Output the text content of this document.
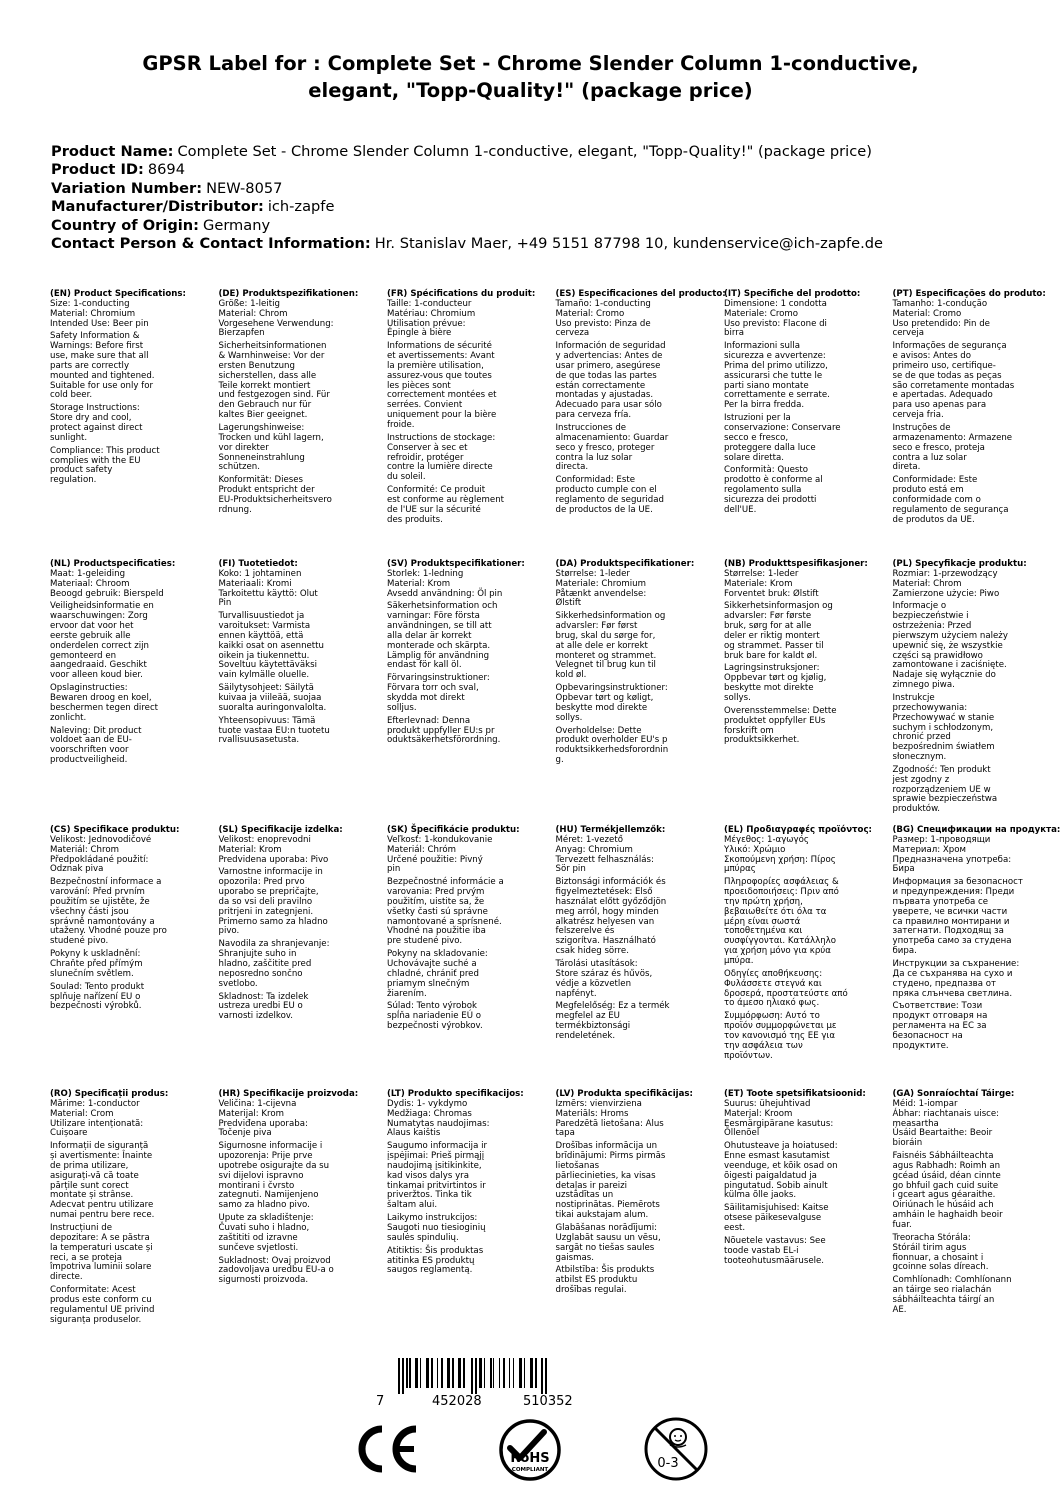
GPSR Label for : Complete Set - Chrome Slender Column 1-conductive,
elegant, "Topp-Quality!" (package price)
Product Name: Complete Set - Chrome Slender Column 1-conductive, elegant, "Topp-Quality!" (package price)
Product ID: 8694
Variation Number: NEW-8057
Manufacturer/Distributor: ich-zapfe
Country of Origin: Germany
Contact Person & Contact Information: Hr. Stanislav Maer, +49 5151 87798 10, kundenservice@ich-zapfe.de
(EN) Product Specifications:
Size: 1-conducting
Material: Chromium
Intended Use: Beer pin
Safety Information &
Warnings: Before first
use, make sure that all
parts are correctly
mounted and tightened.
Suitable for use only for
cold beer.
Storage Instructions:
Store dry and cool,
protect against direct
sunlight.
Compliance: This product
complies with the EU
product safety
regulation.
(DE) Produktspezifikationen:
Größe: 1-leitig
Material: Chrom
Vorgesehene Verwendung:
Bierzapfen
Sicherheitsinformationen
& Warnhinweise: Vor der
ersten Benutzung
sicherstellen, dass alle
Teile korrekt montiert
und festgezogen sind. Für
den Gebrauch nur für
kaltes Bier geeignet.
Lagerungshinweise:
Trocken und kühl lagern,
vor direkter
Sonneneinstrahlung
schützen.
Konformität: Dieses
Produkt entspricht der
EU-Produktsicherheitsvero
rdnung.
(FR) Spécifications du produit:
Taille: 1-conducteur
Matériau: Chromium
Utilisation prévue:
Épingle à bière
Informations de sécurité
et avertissements: Avant
la première utilisation,
assurez-vous que toutes
les pièces sont
correctement montées et
serrées. Convient
uniquement pour la bière
froide.
Instructions de stockage:
Conserver à sec et
refroidir, protéger
contre la lumière directe
du soleil.
Conformité: Ce produit
est conforme au règlement
de l'UE sur la sécurité
des produits.
(ES) Especificaciones del producto:
Tamaño: 1-conducting
Material: Cromo
Uso previsto: Pinza de
cerveza
Información de seguridad
y advertencias: Antes de
usar primero, asegúrese
de que todas las partes
están correctamente
montadas y ajustadas.
Adecuado para usar sólo
para cerveza fría.
Instrucciones de
almacenamiento: Guardar
seco y fresco, proteger
contra la luz solar
directa.
Conformidad: Este
producto cumple con el
reglamento de seguridad
de productos de la UE.
(IT) Specifiche del prodotto:
Dimensione: 1 condotta
Materiale: Cromo
Uso previsto: Flacone di
birra
Informazioni sulla
sicurezza e avvertenze:
Prima del primo utilizzo,
assicurarsi che tutte le
parti siano montate
correttamente e serrate.
Per la birra fredda.
Istruzioni per la
conservazione: Conservare
secco e fresco,
proteggere dalla luce
solare diretta.
Conformità: Questo
prodotto è conforme al
regolamento sulla
sicurezza dei prodotti
dell'UE.
(PT) Especificações do produto:
Tamanho: 1-condução
Material: Cromo
Uso pretendido: Pin de
cerveja
Informações de segurança
e avisos: Antes do
primeiro uso, certifique-
se de que todas as peças
são corretamente montadas
e apertadas. Adequado
para uso apenas para
cerveja fria.
Instruções de
armazenamento: Armazene
seco e fresco, proteja
contra a luz solar
direta.
Conformidade: Este
produto está em
conformidade com o
regulamento de segurança
de produtos da UE.
(NL) Productspecificaties:
Maat: 1-geleiding
Materiaal: Chroom
Beoogd gebruik: Bierspeld
Veiligheidsinformatie en
waarschuwingen: Zorg
ervoor dat voor het
eerste gebruik alle
onderdelen correct zijn
gemonteerd en
aangedraaid. Geschikt
voor alleen koud bier.
Opslaginstructies:
Bewaren droog en koel,
beschermen tegen direct
zonlicht.
Naleving: Dit product
voldoet aan de EU-
voorschriften voor
productveiligheid.
(FI) Tuotetiedot:
Koko: 1 johtaminen
Materiaali: Kromi
Tarkoitettu käyttö: Olut
Pin
Turvallisuustiedot ja
varoitukset: Varmista
ennen käyttöä, että
kaikki osat on asennettu
oikein ja tiukennettu.
Soveltuu käytettäväksi
vain kylmälle oluelle.
Säilytysohjeet: Säilytä
kuivaa ja viileää, suojaa
suoralta auringonvalolta.
Yhteensopivuus: Tämä
tuote vastaa EU:n tuotetu
rvallisuusasetusta.
(SV) Produktspecifikationer:
Storlek: 1-ledning
Material: Krom
Avsedd användning: Öl pin
Säkerhetsinformation och
varningar: Före första
användningen, se till att
alla delar är korrekt
monterade och skärpta.
Lämplig för användning
endast för kall öl.
Förvaringsinstruktioner:
Förvara torr och sval,
skydda mot direkt
solljus.
Efterlevnad: Denna
produkt uppfyller EU:s pr
oduktsäkerhetsförordning.
(DA) Produktspecifikationer:
Størrelse: 1-leder
Materiale: Chromium
Påtænkt anvendelse:
Ølstift
Sikkerhedsinformation og
advarsler: Før først
brug, skal du sørge for,
at alle dele er korrekt
monteret og strammet.
Velegnet til brug kun til
kold øl.
Opbevaringsinstruktioner:
Opbevar tørt og køligt,
beskytte mod direkte
sollys.
Overholdelse: Dette
produkt overholder EU's p
roduktsikkerhedsforordnin
g.
(NB) Produkttspesifikasjoner:
Størrelse: 1-leder
Materiale: Krom
Forventet bruk: Ølstift
Sikkerhetsinformasjon og
advarsler: Før første
bruk, sørg for at alle
deler er riktig montert
og strammet. Passer til
bruk bare for kaldt øl.
Lagringsinstruksjoner:
Oppbevar tørt og kjølig,
beskytte mot direkte
sollys.
Overensstemmelse: Dette
produktet oppfyller EUs
forskrift om
produktsikkerhet.
(PL) Specyfikacje produktu:
Rozmiar: 1-przewodzący
Materiał: Chrom
Zamierzone użycie: Piwo
Informacje o
bezpieczeństwie i
ostrzeżenia: Przed
pierwszym użyciem należy
upewnić się, że wszystkie
części są prawidłowo
zamontowane i zaciśnięte.
Nadaje się wyłącznie do
zimnego piwa.
Instrukcje
przechowywania:
Przechowywać w stanie
suchym i schłodzonym,
chronić przed
bezpośrednim światłem
słonecznym.
Zgodność: Ten produkt
jest zgodny z
rozporządzeniem UE w
sprawie bezpieczeństwa
produktów.
(CS) Specifikace produktu:
Velikost: Jednovodičové
Materiál: Chrom
Předpokládané použití:
Odznak piva
Bezpečnostní informace a
varování: Před prvním
použitím se ujistěte, že
všechny části jsou
správně namontovány a
utaženy. Vhodné pouze pro
studené pivo.
Pokyny k uskladnění:
Chraňte před přímým
slunečním světlem.
Soulad: Tento produkt
splňuje nařízení EU o
bezpečnosti výrobků.
(SL) Specifikacije izdelka:
Velikost: enoprevodni
Material: Krom
Predvidena uporaba: Pivo
Varnostne informacije in
opozorila: Pred prvo
uporabo se prepričajte,
da so vsi deli pravilno
pritrjeni in zategnjeni.
Primerno samo za hladno
pivo.
Navodila za shranjevanje:
Shranjujte suho in
hladno, zaščitite pred
neposredno sončno
svetlobo.
Skladnost: Ta izdelek
ustreza uredbi EU o
varnosti izdelkov.
(SK) Špecifikácie produktu:
Veľkosť: 1-kondukovanie
Materiál: Chróm
Určené použitie: Pivný
pin
Bezpečnostné informácie a
varovania: Pred prvým
použitím, uistite sa, že
všetky časti sú správne
namontované a sprísnené.
Vhodné na použitie iba
pre studené pivo.
Pokyny na skladovanie:
Uchovávajte suché a
chladné, chrániť pred
priamym slnečným
žiarením.
Súlad: Tento výrobok
spĺňa nariadenie EÚ o
bezpečnosti výrobkov.
(HU) Termékjellemzők:
Méret: 1-vezető
Anyag: Chromium
Tervezett felhasználás:
Sör pin
Biztonsági információk és
figyelmeztetések: Első
használat előtt győződjön
meg arról, hogy minden
alkatrész helyesen van
felszerelve és
szigorítva. Használható
csak hideg sörre.
Tárolási utasítások:
Store száraz és hűvös,
védje a közvetlen
napfényt.
Megfelelőség: Ez a termék
megfelel az EU
termékbiztonsági
rendeletének.
(EL) Προδιαγραφές προϊόντος:
Μέγεθος: 1-αγωγός
Υλικό: Χρώμιο
Σκοπούμενη χρήση: Πίρος
μπύρας
Πληροφορίες ασφάλειας &
προειδοποιήσεις: Πριν από
την πρώτη χρήση,
βεβαιωθείτε ότι όλα τα
μέρη είναι σωστά
τοποθετημένα και
συσφίγγονται. Κατάλληλο
για χρήση μόνο για κρύα
μπύρα.
Οδηγίες αποθήκευσης:
Φυλάσσετε στεγνά και
δροσερά, προστατεύστε από
το άμεσο ηλιακό φως.
Συμμόρφωση: Αυτό το
προϊόν συμμορφώνεται με
τον κανονισμό της ΕΕ για
την ασφάλεια των
προϊόντων.
(BG) Спецификации на продукта:
Размер: 1-проводящи
Материал: Хром
Предназначена употреба:
Бира
Информация за безопасност
и предупреждения: Преди
първата употреба се
уверете, че всички части
са правилно монтирани и
затегнати. Подходящ за
употреба само за студена
бира.
Инструкции за съхранение:
Да се съхранява на сухо и
студено, предпазва от
пряка слънчева светлина.
Съответствие: Този
продукт отговаря на
регламента на ЕС за
безопасност на
продуктите.
(RO) Specificații produs:
Mărime: 1-conductor
Material: Crom
Utilizare intenționată:
Cuișoare
Informații de siguranță
și avertismente: Înainte
de prima utilizare,
asigurați-vă că toate
părțile sunt corect
montate și strânse.
Adecvat pentru utilizare
numai pentru bere rece.
Instrucțiuni de
depozitare: A se păstra
la temperaturi uscate și
reci, a se proteja
împotriva luminii solare
directe.
Conformitate: Acest
produs este conform cu
regulamentul UE privind
siguranța produselor.
(HR) Specifikacije proizvoda:
Veličina: 1-cijevna
Materijal: Krom
Predviđena uporaba:
Točenje piva
Sigurnosne informacije i
upozorenja: Prije prve
upotrebe osigurajte da su
svi dijelovi ispravno
montirani i čvrsto
zategnuti. Namijenjeno
samo za hladno pivo.
Upute za skladištenje:
Čuvati suho i hladno,
zaštititi od izravne
sunčeve svjetlosti.
Sukladnost: Ovaj proizvod
zadovoljava uredbu EU-a o
sigurnosti proizvoda.
(LT) Produkto specifikacijos:
Dydis: 1- vykdymo
Medžiaga: Chromas
Numatytas naudojimas:
Alaus kaištis
Saugumo informacija ir
įspėjimai: Prieš pirmąjį
naudojimą įsitikinkite,
kad visos dalys yra
tinkamai pritvirtintos ir
priveržtos. Tinka tik
šaltam alui.
Laikymo instrukcijos:
Saugoti nuo tiesioginių
saulės spindulių.
Atitiktis: Šis produktas
atitinka ES produktų
saugos reglamentą.
(LV) Produkta specifikācijas:
Izmērs: vienvirziena
Materiāls: Hroms
Paredzētā lietošana: Alus
tapa
Drošības informācija un
brīdinājumi: Pirms pirmās
lietošanas
pārliecinieties, ka visas
detaļas ir pareizi
uzstādītas un
nostiprinātas. Piemērots
tikai aukstajam alum.
Glabāšanas norādījumi:
Uzglabāt sausu un vēsu,
sargāt no tiešas saules
gaismas.
Atbilstība: Šis produkts
atbilst ES produktu
drošības regulai.
(ET) Toote spetsifikatsioonid:
Suurus: ühejuhtivad
Materjal: Kroom
Eesmärgipärane kasutus:
Õllenõel
Ohutusteave ja hoiatused:
Enne esmast kasutamist
veenduge, et kõik osad on
õigesti paigaldatud ja
pingutatud. Sobib ainult
külma õlle jaoks.
Säilitamisjuhised: Kaitse
otsese päikesevalguse
eest.
Nõuetele vastavus: See
toode vastab EL-i
tooteohutusmäärusele.
(GA) Sonraíochtaí Táirge:
Méid: 1-iompar
Ábhar: riachtanais uisce:
measartha
Úsáid Beartaithe: Beoir
bioráin
Faisnéis Sábháilteachta
agus Rabhadh: Roimh an
gcéad úsáid, déan cinnte
go bhfuil gach cuid suite
i gceart agus géaraithe.
Oiriúnach le húsáid ach
amháin le haghaidh beoir
fuar.
Treoracha Stórála:
Stóráil tirim agus
fionnuar, a chosaint i
gcoinne solas díreach.
Comhlíonadh: Comhlíonann
an táirge seo rialachán
sábháilteachta táirgí an
AE.
7	452028	510352
RoHS
COMPLIANT	0-3
